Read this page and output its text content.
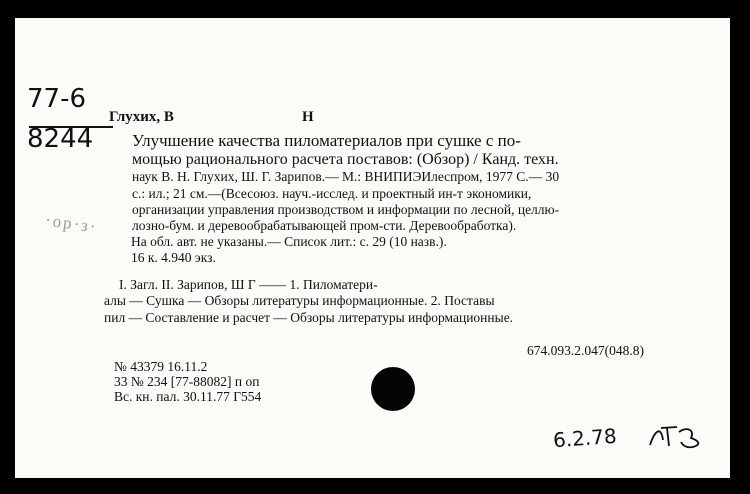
77-6
8244
Глухих, В	Н
Улучшение качества пиломатериалов при сушке с по-
мощью рационального расчета поставов: (Обзор) / Канд. техн.
наук В. Н. Глухих, Ш. Г. Зарипов.— М.: ВНИПИЭИлеспром, 1977 С.— 30
с.: ил.; 21 см.—(Всесоюз. науч.-исслед. и проектный ин-т экономики,
организации управления производством и информации по лесной, целлю-
лозно-бум. и деревообрабатывающей пром-сти. Деревообработка).
На обл. авт. не указаны.— Список лит.: с. 29 (10 назв.).
16 к. 4.940 экз.
·ор·з·
I. Загл. II. Зарипов, Ш Г —— 1. Пиломатери-
алы — Сушка — Обзоры литературы информационные. 2. Поставы
пил — Составление и расчет — Обзоры литературы информационные.
674.093.2.047(048.8)
№ 43379 16.11.2
33 № 234 [77-88082] п оп
Вс. кн. пал. 30.11.77 Г554
6.2.78
